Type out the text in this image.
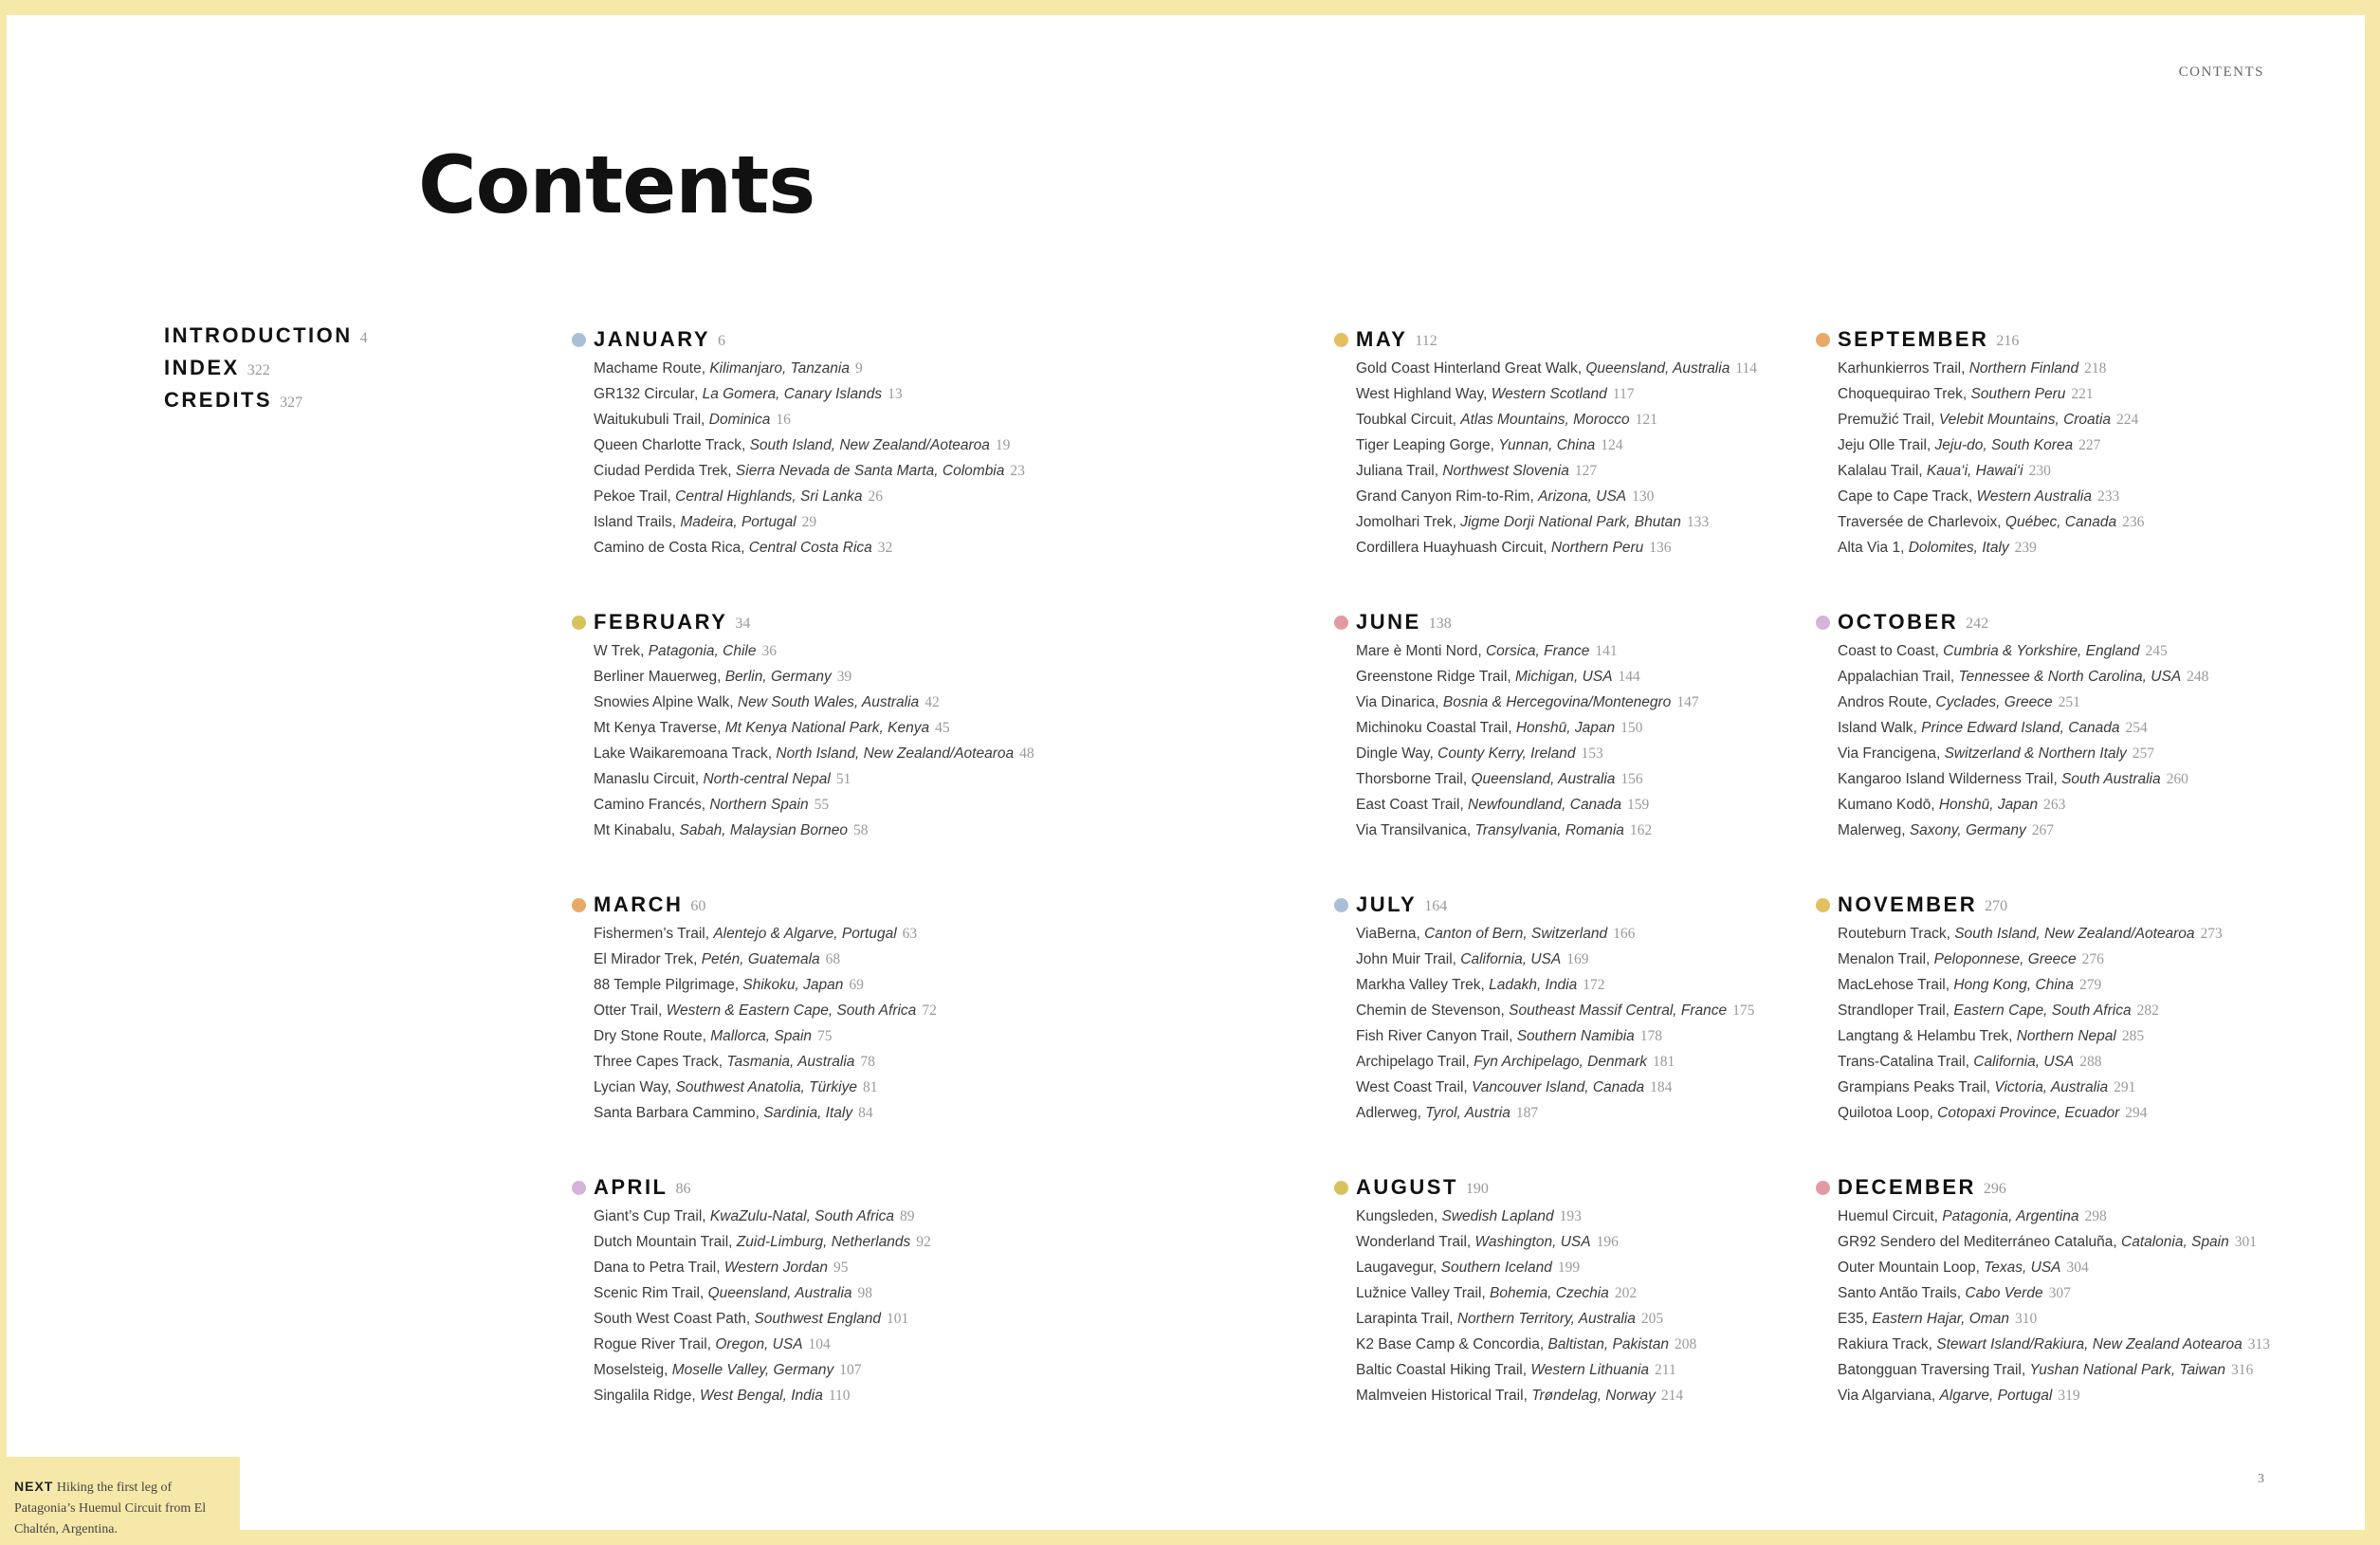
CONTENTS
Contents
INTRODUCTION 4
INDEX 322
CREDITS 327
JANUARY 6
Machame Route, Kilimanjaro, Tanzania 9
GR132 Circular, La Gomera, Canary Islands 13
Waitukubuli Trail, Dominica 16
Queen Charlotte Track, South Island, New Zealand/Aotearoa 19
Ciudad Perdida Trek, Sierra Nevada de Santa Marta, Colombia 23
Pekoe Trail, Central Highlands, Sri Lanka 26
Island Trails, Madeira, Portugal 29
Camino de Costa Rica, Central Costa Rica 32
FEBRUARY 34
W Trek, Patagonia, Chile 36
Berliner Mauerweg, Berlin, Germany 39
Snowies Alpine Walk, New South Wales, Australia 42
Mt Kenya Traverse, Mt Kenya National Park, Kenya 45
Lake Waikaremoana Track, North Island, New Zealand/Aotearoa 48
Manaslu Circuit, North-central Nepal 51
Camino Francés, Northern Spain 55
Mt Kinabalu, Sabah, Malaysian Borneo 58
MARCH 60
Fishermen’s Trail, Alentejo & Algarve, Portugal 63
El Mirador Trek, Petén, Guatemala 68
88 Temple Pilgrimage, Shikoku, Japan 69
Otter Trail, Western & Eastern Cape, South Africa 72
Dry Stone Route, Mallorca, Spain 75
Three Capes Track, Tasmania, Australia 78
Lycian Way, Southwest Anatolia, Türkiye 81
Santa Barbara Cammino, Sardinia, Italy 84
APRIL 86
Giant’s Cup Trail, KwaZulu-Natal, South Africa 89
Dutch Mountain Trail, Zuid-Limburg, Netherlands 92
Dana to Petra Trail, Western Jordan 95
Scenic Rim Trail, Queensland, Australia 98
South West Coast Path, Southwest England 101
Rogue River Trail, Oregon, USA 104
Moselsteig, Moselle Valley, Germany 107
Singalila Ridge, West Bengal, India 110
MAY 112
Gold Coast Hinterland Great Walk, Queensland, Australia 114
West Highland Way, Western Scotland 117
Toubkal Circuit, Atlas Mountains, Morocco 121
Tiger Leaping Gorge, Yunnan, China 124
Juliana Trail, Northwest Slovenia 127
Grand Canyon Rim-to-Rim, Arizona, USA 130
Jomolhari Trek, Jigme Dorji National Park, Bhutan 133
Cordillera Huayhuash Circuit, Northern Peru 136
JUNE 138
Mare è Monti Nord, Corsica, France 141
Greenstone Ridge Trail, Michigan, USA 144
Via Dinarica, Bosnia & Hercegovina/Montenegro 147
Michinoku Coastal Trail, Honshū, Japan 150
Dingle Way, County Kerry, Ireland 153
Thorsborne Trail, Queensland, Australia 156
East Coast Trail, Newfoundland, Canada 159
Via Transilvanica, Transylvania, Romania 162
JULY 164
ViaBerna, Canton of Bern, Switzerland 166
John Muir Trail, California, USA 169
Markha Valley Trek, Ladakh, India 172
Chemin de Stevenson, Southeast Massif Central, France 175
Fish River Canyon Trail, Southern Namibia 178
Archipelago Trail, Fyn Archipelago, Denmark 181
West Coast Trail, Vancouver Island, Canada 184
Adlerweg, Tyrol, Austria 187
AUGUST 190
Kungsleden, Swedish Lapland 193
Wonderland Trail, Washington, USA 196
Laugavegur, Southern Iceland 199
Lužnice Valley Trail, Bohemia, Czechia 202
Larapinta Trail, Northern Territory, Australia 205
K2 Base Camp & Concordia, Baltistan, Pakistan 208
Baltic Coastal Hiking Trail, Western Lithuania 211
Malmveien Historical Trail, Trøndelag, Norway 214
SEPTEMBER 216
Karhunkierros Trail, Northern Finland 218
Choquequirao Trek, Southern Peru 221
Premužić Trail, Velebit Mountains, Croatia 224
Jeju Olle Trail, Jeju-do, South Korea 227
Kalalau Trail, Kaua‘i, Hawai‘i 230
Cape to Cape Track, Western Australia 233
Traversée de Charlevoix, Québec, Canada 236
Alta Via 1, Dolomites, Italy 239
OCTOBER 242
Coast to Coast, Cumbria & Yorkshire, England 245
Appalachian Trail, Tennessee & North Carolina, USA 248
Andros Route, Cyclades, Greece 251
Island Walk, Prince Edward Island, Canada 254
Via Francigena, Switzerland & Northern Italy 257
Kangaroo Island Wilderness Trail, South Australia 260
Kumano Kodō, Honshū, Japan 263
Malerweg, Saxony, Germany 267
NOVEMBER 270
Routeburn Track, South Island, New Zealand/Aotearoa 273
Menalon Trail, Peloponnese, Greece 276
MacLehose Trail, Hong Kong, China 279
Strandloper Trail, Eastern Cape, South Africa 282
Langtang & Helambu Trek, Northern Nepal 285
Trans-Catalina Trail, California, USA 288
Grampians Peaks Trail, Victoria, Australia 291
Quilotoa Loop, Cotopaxi Province, Ecuador 294
DECEMBER 296
Huemul Circuit, Patagonia, Argentina 298
GR92 Sendero del Mediterráneo Cataluña, Catalonia, Spain 301
Outer Mountain Loop, Texas, USA 304
Santo Antão Trails, Cabo Verde 307
E35, Eastern Hajar, Oman 310
Rakiura Track, Stewart Island/Rakiura, New Zealand Aotearoa 313
Batongguan Traversing Trail, Yushan National Park, Taiwan 316
Via Algarviana, Algarve, Portugal 319
NEXT Hiking the first leg of Patagonia’s Huemul Circuit from El Chaltén, Argentina.
3
